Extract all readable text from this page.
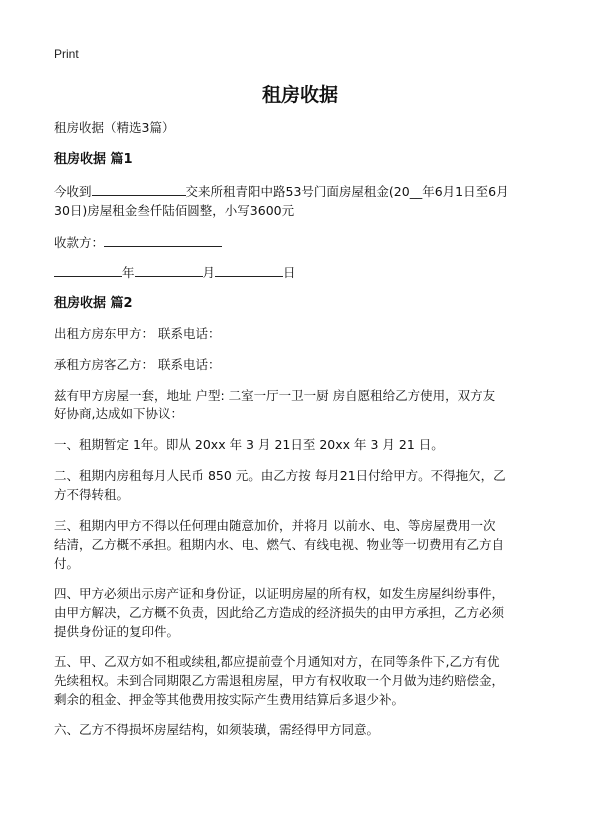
Print
租房收据
租房收据（精选3篇）
租房收据 篇1
今收到	交来所租青阳中路53号门面房屋租金(20__年6月1日至6月
30日)房屋租金叁仟陆佰圆整，小写3600元
收款方：
年	月	日
租房收据 篇2
出租方房东甲方： 联系电话：
承租方房客乙方： 联系电话：
兹有甲方房屋一套，地址 户型: 二室一厅一卫一厨 房自愿租给乙方使用，双方友
好协商,达成如下协议：
一、租期暂定 1年。即从 20xx 年 3 月 21日至 20xx 年 3 月 21 日。
二、租期内房租每月人民币 850 元。由乙方按 每月21日付给甲方。不得拖欠，乙
方不得转租。
三、租期内甲方不得以任何理由随意加价，并将月 以前水、电、等房屋费用一次
结清，乙方概不承担。租期内水、电、燃气、有线电视、物业等一切费用有乙方自
付。
四、甲方必须出示房产证和身份证，以证明房屋的所有权，如发生房屋纠纷事件，
由甲方解决，乙方概不负责，因此给乙方造成的经济损失的由甲方承担，乙方必须
提供身份证的复印件。
五、甲、乙双方如不租或续租,都应提前壹个月通知对方，在同等条件下,乙方有优
先续租权。未到合同期限乙方需退租房屋，甲方有权收取一个月做为违约赔偿金，
剩余的租金、押金等其他费用按实际产生费用结算后多退少补。
六、乙方不得损坏房屋结构，如须装璜，需经得甲方同意。
